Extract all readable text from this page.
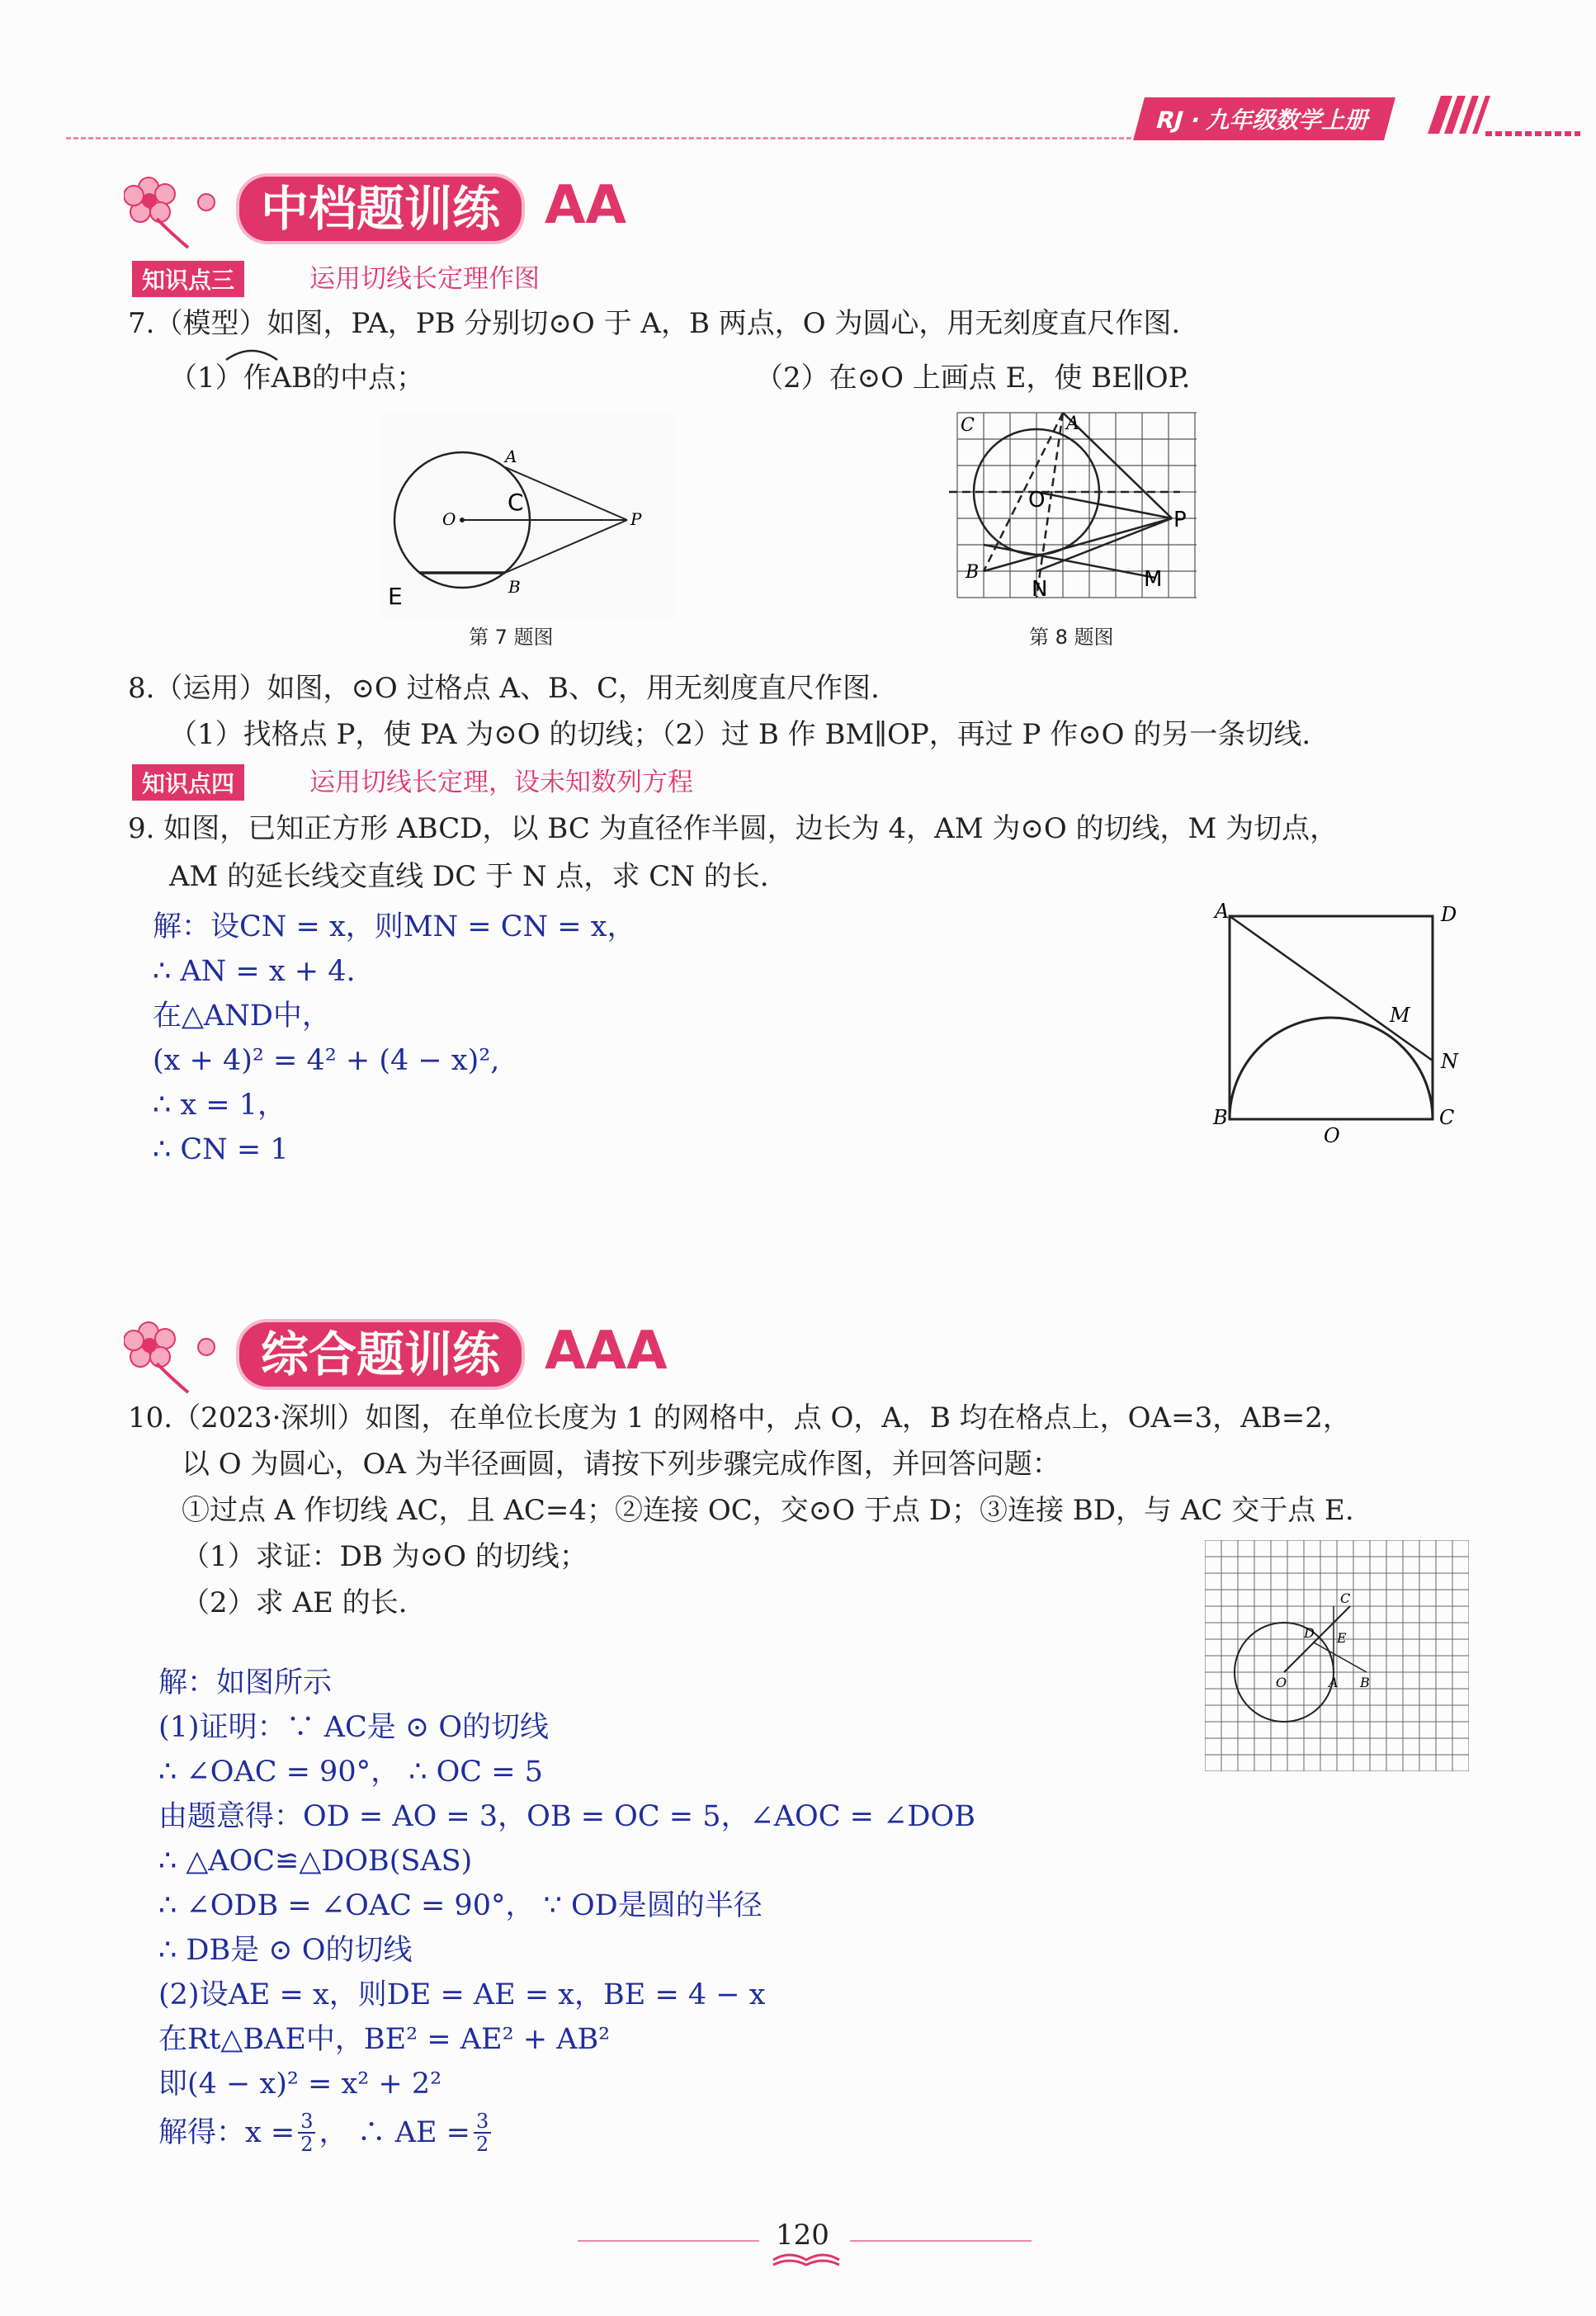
RJ · 九年级数学上册
中档题训练 AA
知识点三	运用切线长定理作图
7.（模型）如图，PA，PB 分别切⊙O 于 A，B 两点，O 为圆心，用无刻度直尺作图.
（1）作AB的中点；	（2）在⊙O 上画点 E，使 BE∥OP.
A
O
C
P
B
E
第 7 题图
C	A
O
P
B
N	M
第 8 题图
8.（运用）如图，⊙O 过格点 A、B、C，用无刻度直尺作图.
（1）找格点 P，使 PA 为⊙O 的切线；（2）过 B 作 BM∥OP，再过 P 作⊙O 的另一条切线.
知识点四	运用切线长定理，设未知数列方程
9. 如图，已知正方形 ABCD，以 BC 为直径作半圆，边长为 4，AM 为⊙O 的切线，M 为切点，
AM 的延长线交直线 DC 于 N 点，求 CN 的长.
解：设CN = x，则MN = CN = x，
∴ AN = x + 4.
在△AND中，
(x + 4)² = 4² + (4 − x)²,
∴ x = 1，
∴ CN = 1
A	D
M
N
B
O
C
综合题训练 AAA
10.（2023·深圳）如图，在单位长度为 1 的网格中，点 O，A，B 均在格点上，OA=3，AB=2，
以 O 为圆心，OA 为半径画圆，请按下列步骤完成作图，并回答问题：
①过点 A 作切线 AC，且 AC=4；②连接 OC，交⊙O 于点 D；③连接 BD，与 AC 交于点 E.
（1）求证：DB 为⊙O 的切线；
（2）求 AE 的长.
O	A B
C
D E
解：如图所示
(1)证明：∵ AC是 ⊙ O的切线
∴ ∠OAC = 90°， ∴ OC = 5
由题意得：OD = AO = 3，OB = OC = 5，∠AOC = ∠DOB
∴ △AOC≌△DOB(SAS)
∴ ∠ODB = ∠OAC = 90°， ∵ OD是圆的半径
∴ DB是 ⊙ O的切线
(2)设AE = x，则DE = AE = x，BE = 4 − x
在Rt△BAE中，BE² = AE² + AB²
即(4 − x)² = x² + 2²
解得：$x = \frac{3}{2}$ ， ∴ AE = $\frac{3}{2}$
120
